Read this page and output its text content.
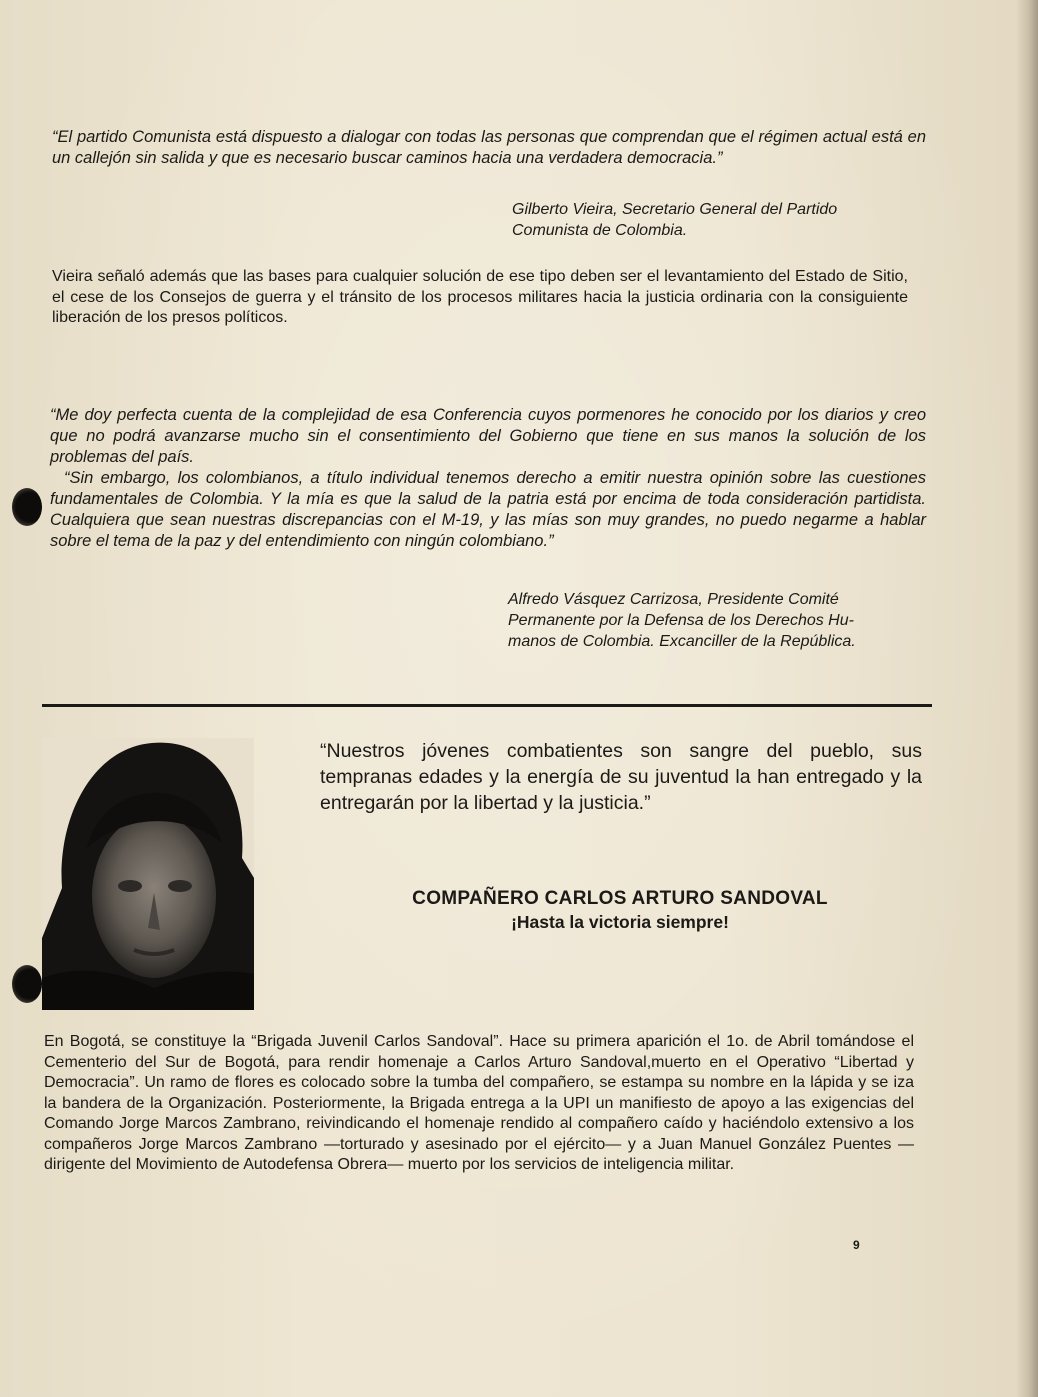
“El partido Comunista está dispuesto a dialogar con todas las personas que comprendan que el régimen actual está en un callejón sin salida y que es necesario buscar caminos hacia una verdadera democracia.”

Gilberto Vieira, Secretario General del Partido
Comunista de Colombia.
Vieira señaló además que las bases para cualquier solución de ese tipo deben ser el levantamiento del Estado de Sitio, el cese de los Consejos de guerra y el tránsito de los procesos militares hacia la justicia ordinaria con la consiguiente liberación de los presos políticos.

“Me doy perfecta cuenta de la complejidad de esa Conferencia cuyos pormenores he conocido por los diarios y creo que no podrá avanzarse mucho sin el consentimiento del Gobierno que tiene en sus manos la solución de los problemas del país.

“Sin embargo, los colombianos, a título individual tenemos derecho a emitir nuestra opinión sobre las cuestiones fundamentales de Colombia. Y la mía es que la salud de la patria está por encima de toda consideración partidista. Cualquiera que sean nuestras discrepancias con el M-19, y las mías son muy grandes, no puedo negarme a hablar sobre el tema de la paz y del entendimiento con ningún colombiano.”

Alfredo Vásquez Carrizosa, Presidente Comité
Permanente por la Defensa de los Derechos Hu-
manos de Colombia. Excanciller de la República.
“Nuestros jóvenes combatientes son sangre del pueblo, sus tempranas edades y la energía de su juventud la han entregado y la entregarán por la libertad y la justicia.”
COMPAÑERO CARLOS ARTURO SANDOVAL
¡Hasta la victoria siempre!
En Bogotá, se constituye la “Brigada Juvenil Carlos Sandoval”. Hace su primera aparición el 1o. de Abril tomándose el Cementerio del Sur de Bogotá, para rendir homenaje a Carlos Arturo Sandoval,muerto en el Operativo “Libertad y Democracia”. Un ramo de flores es colocado sobre la tumba del compañero, se estampa su nombre en la lápida y se iza la bandera de la Organización. Posteriormente, la Brigada entrega a la UPI un manifiesto de apoyo a las exigencias del Comando Jorge Marcos Zambrano, reivindicando el homenaje rendido al compañero caído y haciéndolo extensivo a los compañeros Jorge Marcos Zambrano —torturado y asesinado por el ejército— y a Juan Manuel González Puentes —dirigente del Movimiento de Autodefensa Obrera— muerto por los servicios de inteligencia militar.
9
